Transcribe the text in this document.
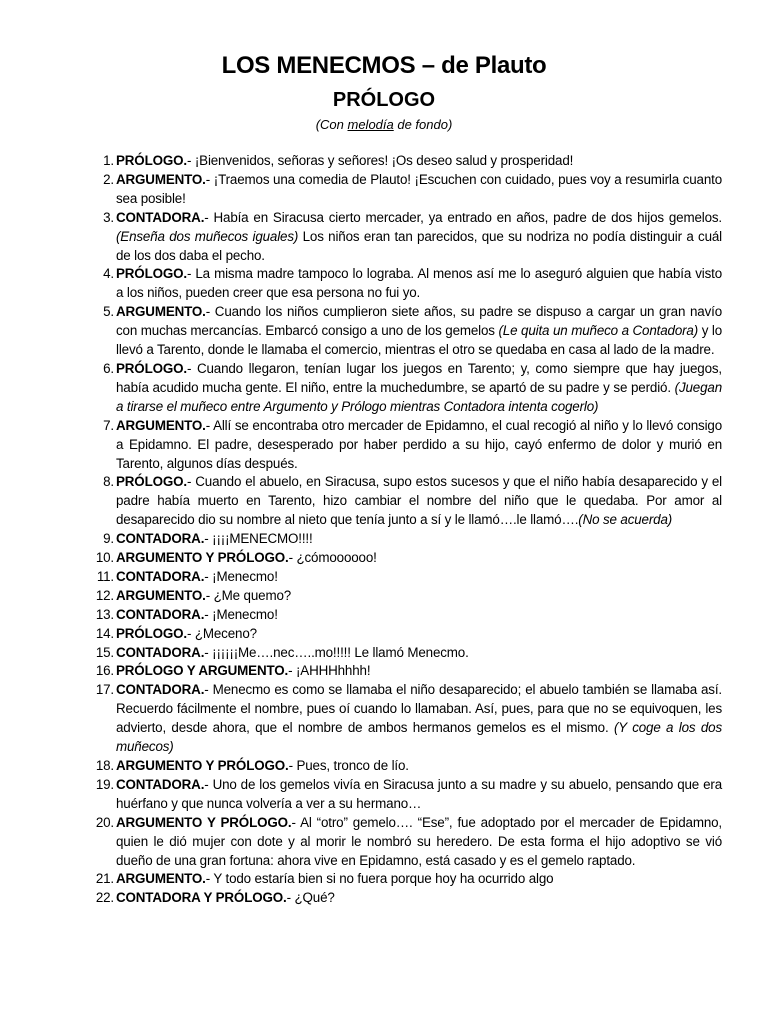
LOS MENECMOS – de Plauto
PRÓLOGO
(Con melodía de fondo)
1. PRÓLOGO.- ¡Bienvenidos, señoras y señores! ¡Os deseo salud y prosperidad!
2. ARGUMENTO.- ¡Traemos una comedia de Plauto! ¡Escuchen con cuidado, pues voy a resumirla cuanto sea posible!
3. CONTADORA.- Había en Siracusa cierto mercader, ya entrado en años, padre de dos hijos gemelos. (Enseña dos muñecos iguales) Los niños eran tan parecidos, que su nodriza no podía distinguir a cuál de los dos daba el pecho.
4. PRÓLOGO.- La misma madre tampoco lo lograba. Al menos así me lo aseguró alguien que había visto a los niños, pueden creer que esa persona no fui yo.
5. ARGUMENTO.- Cuando los niños cumplieron siete años, su padre se dispuso a cargar un gran navío con muchas mercancías. Embarcó consigo a uno de los gemelos (Le quita un muñeco a Contadora) y lo llevó a Tarento, donde le llamaba el comercio, mientras el otro se quedaba en casa al lado de la madre.
6. PRÓLOGO.- Cuando llegaron, tenían lugar los juegos en Tarento; y, como siempre que hay juegos, había acudido mucha gente. El niño, entre la muchedumbre, se apartó de su padre y se perdió. (Juegan a tirarse el muñeco entre Argumento y Prólogo mientras Contadora intenta cogerlo)
7. ARGUMENTO.- Allí se encontraba otro mercader de Epidamno, el cual recogió al niño y lo llevó consigo a Epidamno. El padre, desesperado por haber perdido a su hijo, cayó enfermo de dolor y murió en Tarento, algunos días después.
8. PRÓLOGO.- Cuando el abuelo, en Siracusa, supo estos sucesos y que el niño había desaparecido y el padre había muerto en Tarento, hizo cambiar el nombre del niño que le quedaba. Por amor al desaparecido dio su nombre al nieto que tenía junto a sí y le llamó….le llamó….(No se acuerda)
9. CONTADORA.- ¡¡¡¡MENECMO!!!!
10. ARGUMENTO Y PRÓLOGO.- ¿cómoooooo!
11. CONTADORA.- ¡Menecmo!
12. ARGUMENTO.- ¿Me quemo?
13. CONTADORA.- ¡Menecmo!
14. PRÓLOGO.- ¿Meceno?
15. CONTADORA.- ¡¡¡¡¡¡Me….nec…..mo!!!!! Le llamó Menecmo.
16. PRÓLOGO Y ARGUMENTO.- ¡AHHHhhhh!
17. CONTADORA.- Menecmo es como se llamaba el niño desaparecido; el abuelo también se llamaba así. Recuerdo fácilmente el nombre, pues oí cuando lo llamaban. Así, pues, para que no se equivoquen, les advierto, desde ahora, que el nombre de ambos hermanos gemelos es el mismo. (Y coge a los dos muñecos)
18. ARGUMENTO Y PRÓLOGO.- Pues, tronco de lío.
19. CONTADORA.- Uno de los gemelos vivía en Siracusa junto a su madre y su abuelo, pensando que era huérfano y que nunca volvería a ver a su hermano…
20. ARGUMENTO Y PRÓLOGO.- Al “otro” gemelo…. “Ese”, fue adoptado por el mercader de Epidamno, quien le dió mujer con dote y al morir le nombró su heredero. De esta forma el hijo adoptivo se vió dueño de una gran fortuna: ahora vive en Epidamno, está casado y es el gemelo raptado.
21. ARGUMENTO.- Y todo estaría bien si no fuera porque hoy ha ocurrido algo
22. CONTADORA Y PRÓLOGO.- ¿Qué?
